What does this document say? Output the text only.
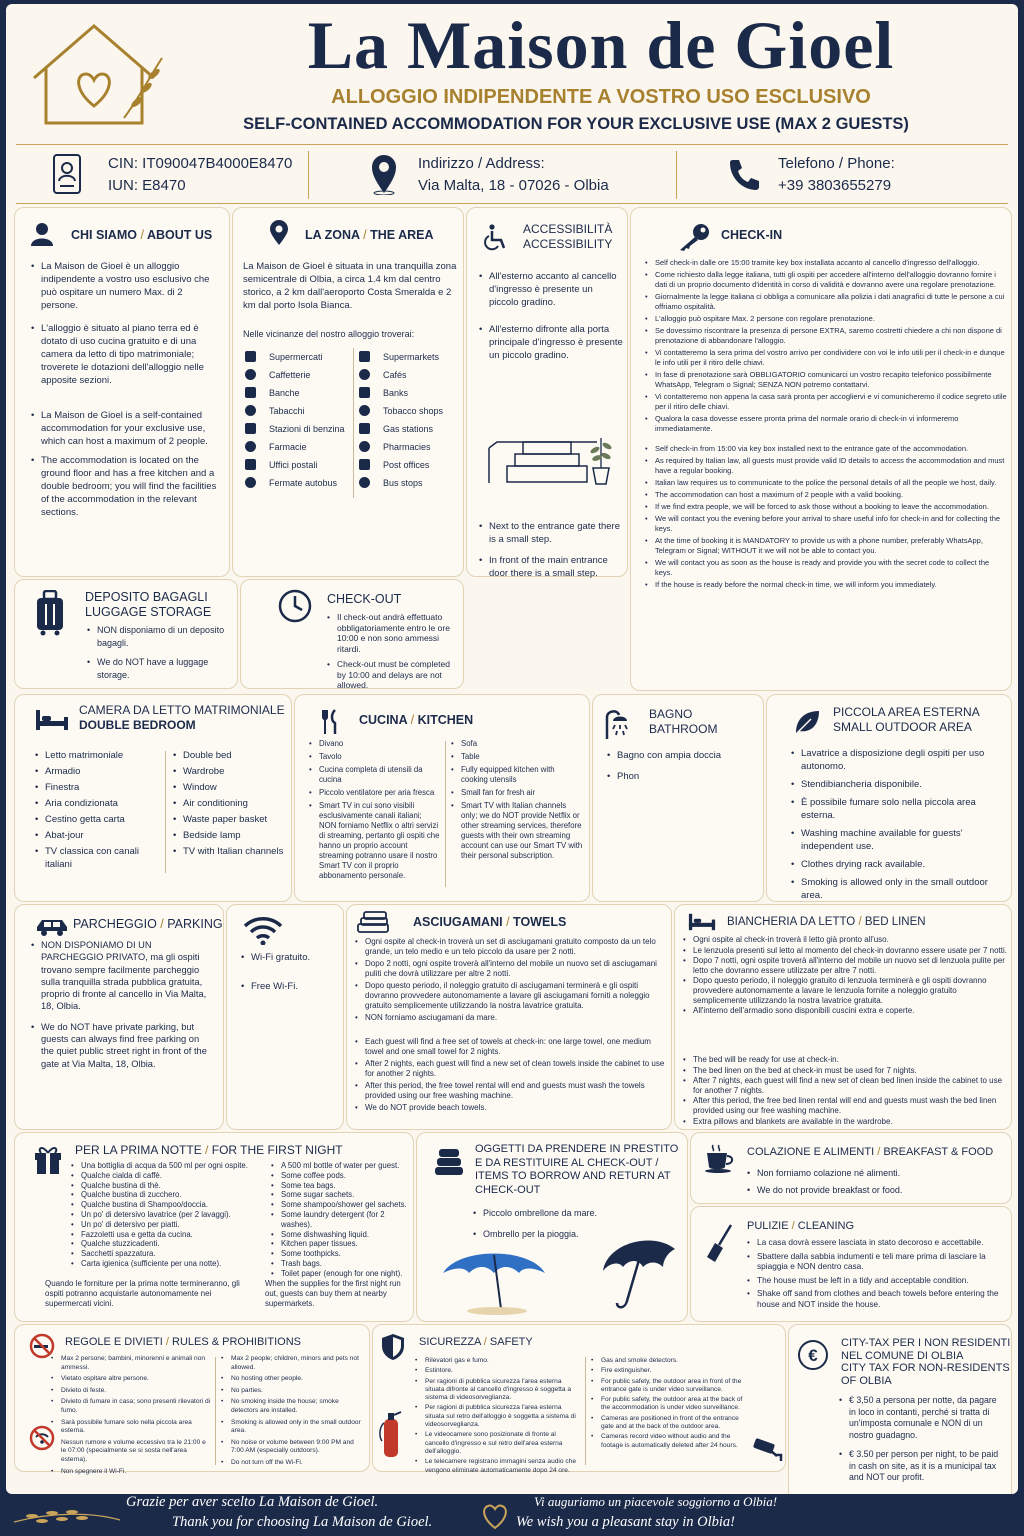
La Maison de Gioel
ALLOGGIO INDIPENDENTE A VOSTRO USO ESCLUSIVO
SELF-CONTAINED ACCOMMODATION FOR YOUR EXCLUSIVE USE (MAX 2 GUESTS)
CIN: IT090047B4000E8470
IUN: E8470
Indirizzo / Address:
Via Malta, 18 - 07026 - Olbia
Telefono / Phone:
+39 3803655279
CHI SIAMO / ABOUT US
• La Maison de Gioel è un alloggio indipendente a vostro uso esclusivo che può ospitare un numero Max. di 2 persone.
• L'alloggio è situato al piano terra ed è dotato di uso cucina gratuito e di una camera da letto di tipo matrimoniale; troverete le dotazioni dell'alloggio nelle apposite sezioni.
• La Maison de Gioel is a self-contained accommodation for your exclusive use, which can host a maximum of 2 people.
• The accommodation is located on the ground floor and has a free kitchen and a double bedroom; you will find the facilities of the accommodation in the relevant sections.
LA ZONA / THE AREA
La Maison de Gioel è situata in una tranquilla zona semicentrale di Olbia, a circa 1.4 km dal centro storico, a 2 km dall'aeroporto Costa Smeralda e 2 km dal porto Isola Bianca.
Nelle vicinanze del nostro alloggio troverai:
Supermercati
Caffetterie
Banche
Tabacchi
Stazioni di benzina
Farmacie
Uffici postali
Fermate autobus
Supermarkets
Cafés
Banks
Tobacco shops
Gas stations
Pharmacies
Post offices
Bus stops
ACCESSIBILITÀ
ACCESSIBILITY
• All'esterno accanto al cancello d'ingresso è presente un piccolo gradino.
• All'esterno difronte alla porta principale d'ingresso è presente un piccolo gradino.
• Next to the entrance gate there is a small step.
• In front of the main entrance door there is a small step.
CHECK-IN
• Self check-in dalle ore 15:00 tramite key box installata accanto al cancello d'ingresso dell'alloggio.
• Come richiesto dalla legge italiana, tutti gli ospiti per accedere all'interno dell'alloggio dovranno fornire i dati di un proprio documento d'identità in corso di validità e dovranno avere una regolare prenotazione.
• Giornalmente la legge italiana ci obbliga a comunicare alla polizia i dati anagrafici di tutte le persone a cui offriamo ospitalità.
• L'alloggio può ospitare Max. 2 persone con regolare prenotazione.
• Se dovessimo riscontrare la presenza di persone EXTRA, saremo costretti chiedere a chi non dispone di prenotazione di abbandonare l'alloggio.
• Vi contatteremo la sera prima del vostro arrivo per condividere con voi le info utili per il check-in e dunque le info utili per il ritiro delle chiavi.
• In fase di prenotazione sarà OBBLIGATORIO comunicarci un vostro recapito telefonico possibilmente WhatsApp, Telegram o Signal; SENZA NON potremo contattarvi.
• Vi contatteremo non appena la casa sarà pronta per accogliervi e vi comunicheremo il codice segreto utile per il ritiro delle chiavi.
• Qualora la casa dovesse essere pronta prima del normale orario di check-in vi informeremo immediatamente.
• Self check-in from 15:00 via key box installed next to the entrance gate of the accommodation.
• As required by Italian law, all guests must provide valid ID details to access the accommodation and must have a regular booking.
• Italian law requires us to communicate to the police the personal details of all the people we host, daily.
• The accommodation can host a maximum of 2 people with a valid booking.
• If we find extra people, we will be forced to ask those without a booking to leave the accommodation.
• We will contact you the evening before your arrival to share useful info for check-in and for collecting the keys.
• At the time of booking it is MANDATORY to provide us with a phone number, preferably WhatsApp, Telegram or Signal; WITHOUT it we will not be able to contact you.
• We will contact you as soon as the house is ready and provide you with the secret code to collect the keys.
• If the house is ready before the normal check-in time, we will inform you immediately.
DEPOSITO BAGAGLI
LUGGAGE STORAGE
• NON disponiamo di un deposito bagagli.
• We do NOT have a luggage storage.
CHECK-OUT
• Il check-out andrà effettuato obbligatoriamente entro le ore 10:00 e non sono ammessi ritardi.
• Check-out must be completed by 10:00 and delays are not allowed.
CAMERA DA LETTO MATRIMONIALE
DOUBLE BEDROOM
• Letto matrimoniale
• Armadio
• Finestra
• Aria condizionata
• Cestino getta carta
• Abat-jour
• TV classica con canali italiani
• Double bed
• Wardrobe
• Window
• Air conditioning
• Waste paper basket
• Bedside lamp
• TV with Italian channels
CUCINA / KITCHEN
• Divano
• Tavolo
• Cucina completa di utensili da cucina
• Piccolo ventilatore per aria fresca
• Smart TV in cui sono visibili esclusivamente canali italiani; NON forniamo Netflix o altri servizi di streaming, pertanto gli ospiti che hanno un proprio account streaming potranno usare il nostro Smart TV con il proprio abbonamento personale.
• Sofa
• Table
• Fully equipped kitchen with cooking utensils
• Small fan for fresh air
• Smart TV with Italian channels only; we do NOT provide Netflix or other streaming services, therefore guests with their own streaming account can use our Smart TV with their personal subscription.
BAGNO
BATHROOM
• Bagno con ampia doccia
• Phon
PICCOLA AREA ESTERNA
SMALL OUTDOOR AREA
• Lavatrice a disposizione degli ospiti per uso autonomo.
• Stendibiancheria disponibile.
• È possibile fumare solo nella piccola area esterna.
• Washing machine available for guests' independent use.
• Clothes drying rack available.
• Smoking is allowed only in the small outdoor area.
PARCHEGGIO / PARKING
• NON DISPONIAMO DI UN PARCHEGGIO PRIVATO, ma gli ospiti trovano sempre facilmente parcheggio sulla tranquilla strada pubblica gratuita, proprio di fronte al cancello in Via Malta, 18, Olbia.
• We do NOT have private parking, but guests can always find free parking on the quiet public street right in front of the gate at Via Malta, 18, Olbia.
• Wi-Fi gratuito.
• Free Wi-Fi.
ASCIUGAMANI / TOWELS
• Ogni ospite al check-in troverà un set di asciugamani gratuito composto da un telo grande, un telo medio e un telo piccolo da usare per 2 notti.
• Dopo 2 notti, ogni ospite troverà all'interno del mobile un nuovo set di asciugamani puliti che dovrà utilizzare per altre 2 notti.
• Dopo questo periodo, il noleggio gratuito di asciugamani terminerà e gli ospiti dovranno provvedere autonomamente a lavare gli asciugamani forniti a noleggio gratuito semplicemente utilizzando la nostra lavatrice gratuita.
• NON forniamo asciugamani da mare.
• Each guest will find a free set of towels at check-in: one large towel, one medium towel and one small towel for 2 nights.
• After 2 nights, each guest will find a new set of clean towels inside the cabinet to use for another 2 nights.
• After this period, the free towel rental will end and guests must wash the towels provided using our free washing machine.
• We do NOT provide beach towels.
BIANCHERIA DA LETTO / BED LINEN
• Ogni ospite al check-in troverà il letto già pronto all'uso.
• Le lenzuola presenti sul letto al momento del check-in dovranno essere usate per 7 notti.
• Dopo 7 notti, ogni ospite troverà all'interno del mobile un nuovo set di lenzuola pulite per letto che dovranno essere utilizzate per altre 7 notti.
• Dopo questo periodo, il noleggio gratuito di lenzuola terminerà e gli ospiti dovranno provvedere autonomamente a lavare le lenzuola fornite a noleggio gratuito semplicemente utilizzando la nostra lavatrice gratuita.
• All'interno dell'armadio sono disponibili cuscini extra e coperte.
• The bed will be ready for use at check-in.
• The bed linen on the bed at check-in must be used for 7 nights.
• After 7 nights, each guest will find a new set of clean bed linen inside the cabinet to use for another 7 nights.
• After this period, the free bed linen rental will end and guests must wash the bed linen provided using our free washing machine.
• Extra pillows and blankets are available in the wardrobe.
PER LA PRIMA NOTTE / FOR THE FIRST NIGHT
• Una bottiglia di acqua da 500 ml per ogni ospite.
• Qualche cialda di caffè.
• Qualche bustina di thè.
• Qualche bustina di zucchero.
• Qualche bustina di Shampoo/doccia.
• Un po' di detersivo lavatrice (per 2 lavaggi).
• Un po' di detersivo per piatti.
• Fazzoletti usa e getta da cucina.
• Qualche stuzzicadenti.
• Sacchetti spazzatura.
• Carta igienica (sufficiente per una notte).
• A 500 ml bottle of water per guest.
• Some coffee pods.
• Some tea bags.
• Some sugar sachets.
• Some shampoo/shower gel sachets.
• Some laundry detergent (for 2 washes).
• Some dishwashing liquid.
• Kitchen paper tissues.
• Some toothpicks.
• Trash bags.
• Toilet paper (enough for one night).
Quando le forniture per la prima notte termineranno, gli ospiti potranno acquistarle autonomamente nei supermercati vicini.
When the supplies for the first night run out, guests can buy them at nearby supermarkets.
OGGETTI DA PRENDERE IN PRESTITO E DA RESTITUIRE AL CHECK-OUT /
ITEMS TO BORROW AND RETURN AT CHECK-OUT
• Piccolo ombrellone da mare.
• Ombrello per la pioggia.
COLAZIONE E ALIMENTI / BREAKFAST & FOOD
• Non forniamo colazione né alimenti.
• We do not provide breakfast or food.
PULIZIE / CLEANING
• La casa dovrà essere lasciata in stato decoroso e accettabile.
• Sbattere dalla sabbia indumenti e teli mare prima di lasciare la spiaggia e NON dentro casa.
• The house must be left in a tidy and acceptable condition.
• Shake off sand from clothes and beach towels before entering the house and NOT inside the house.
REGOLE E DIVIETI / RULES & PROHIBITIONS
• Max 2 persone; bambini, minorenni e animali non ammessi.
• Vietato ospitare altre persone.
• Divieto di feste.
• Divieto di fumare in casa; sono presenti rilevatori di fumo.
• Sarà possibile fumare solo nella piccola area esterna.
• Nessun rumore e volume eccessivo tra le 21:00 e le 07:00 (specialmente se si sosta nell'area esterna).
• Non spegnere il Wi-Fi.
• Max 2 people; children, minors and pets not allowed.
• No hosting other people.
• No parties.
• No smoking inside the house; smoke detectors are installed.
• Smoking is allowed only in the small outdoor area.
• No noise or volume between 9:00 PM and 7:00 AM (especially outdoors).
• Do not turn off the Wi-Fi.
SICUREZZA / SAFETY
• Rilevatori gas e fumo.
• Estintore.
• Per ragioni di pubblica sicurezza l'area esterna situata difronte al cancello d'ingresso è soggetta a sistema di videosorveglianza.
• Per ragioni di pubblica sicurezza l'area esterna situata sul retro dell'alloggio è soggetta a sistema di videosorveglianza.
• Le videocamere sono posizionate di fronte al cancello d'ingresso e sul retro dell'area esterna dell'alloggio.
• Le telecamere registrano immagini senza audio che vengono eliminate automaticamente dopo 24 ore.
• Gas and smoke detectors.
• Fire extinguisher.
• For public safety, the outdoor area in front of the entrance gate is under video surveillance.
• For public safety, the outdoor area at the back of the accommodation is under video surveillance.
• Cameras are positioned in front of the entrance gate and at the back of the outdoor area.
• Cameras record video without audio and the footage is automatically deleted after 24 hours.
€
CITY-TAX PER I NON RESIDENTI NEL COMUNE DI OLBIA
CITY TAX FOR NON-RESIDENTS OF OLBIA
• € 3,50 a persona per notte, da pagare in loco in contanti, perché si tratta di un'imposta comunale e NON di un nostro guadagno.
• € 3.50 per person per night, to be paid in cash on site, as it is a municipal tax and NOT our profit.
Grazie per aver scelto La Maison de Gioel.
Thank you for choosing La Maison de Gioel.
Vi auguriamo un piacevole soggiorno a Olbia!
We wish you a pleasant stay in Olbia!
